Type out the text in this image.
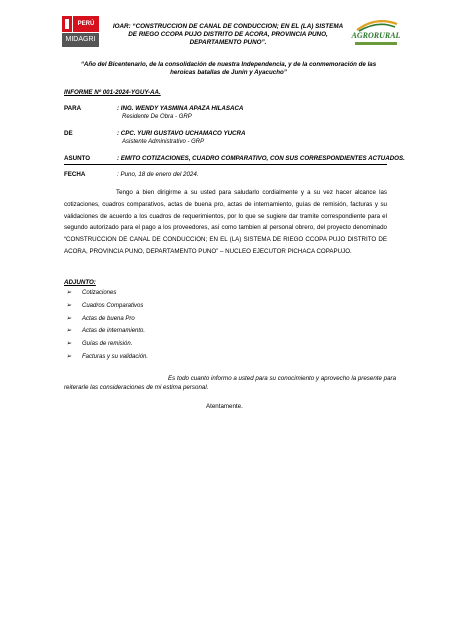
PERÚ
MIDAGRI
IOAR: “CONSTRUCCION DE CANAL DE CONDUCCION; EN EL (LA) SISTEMA DE RIEGO CCOPA PUJO DISTRITO DE ACORA, PROVINCIA PUNO, DEPARTAMENTO PUNO”.
AGRORURAL
“Año del Bicentenario, de la consolidación de nuestra Independencia, y de la conmemoración de las heroicas batallas de Junín y Ayacucho”
INFORME Nº 001-2024-YGUY-AA.
PARA	: ING. WENDY YASMINA APAZA HILASACA
Residente De Obra - GRP
DE	: CPC. YURI GUSTAVO UCHAMACO YUCRA
Asistente Administrativo - GRP
ASUNTO	: EMITO COTIZACIONES, CUADRO COMPARATIVO, CON SUS CORRESPONDIENTES ACTUADOS.
FECHA	: Puno, 18 de enero del 2024.
Tengo a bien dirigirme a su usted para saludarlo cordialmente y a su vez hacer alcance las cotizaciones, cuadros comparativos, actas de buena pro, actas de internamiento, guías de remisión, facturas y su validaciones de acuerdo a los cuadros de requerimientos, por lo que se sugiere dar tramite correspondiente para el segundo autorizado para el pago a los proveedores, así como tambien al personal obrero, del proyecto denominado “CONSTRUCCION DE CANAL DE CONDUCCION; EN EL (LA) SISTEMA DE RIEGO CCOPA PUJO DISTRITO DE ACORA, PROVINCIA PUNO, DEPARTAMENTO PUNO” – NUCLEO EJECUTOR PICHACA COPAPUJO.
ADJUNTO:
➢ Cotizaciones
➢ Cuadros Comparativos
➢ Actas de buena Pro
➢ Actas de internamiento.
➢ Guías de remisión.
➢ Facturas y su validación.
Es todo cuanto informo a usted para su conocimiento y aprovecho la presente para reiterarle las consideraciones de mi estima personal.
Atentamente.
